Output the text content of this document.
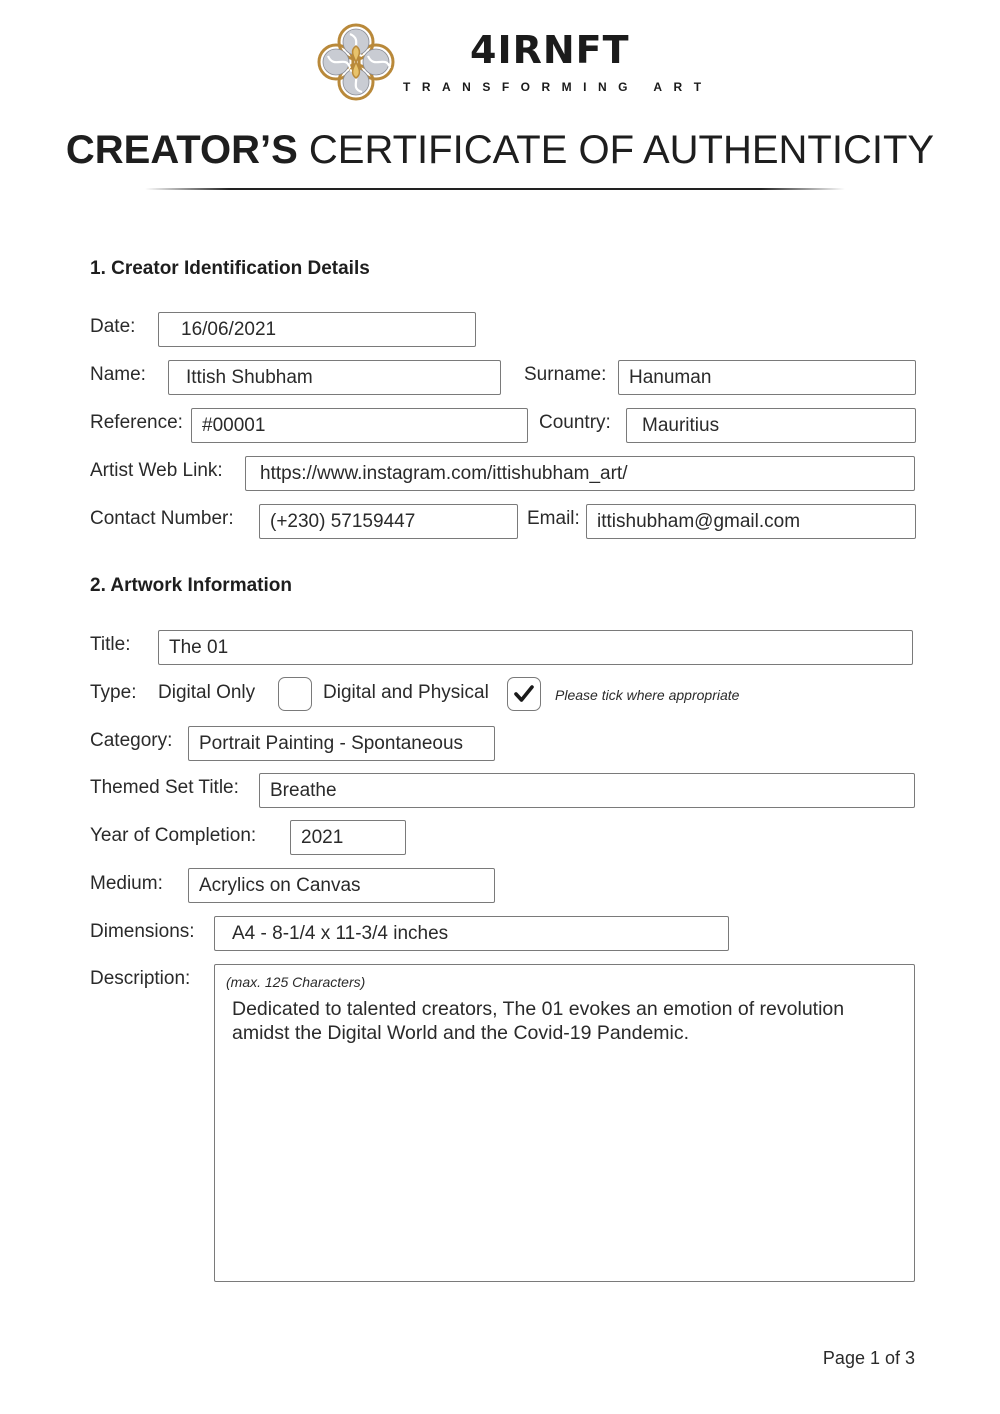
4IRNFT
TRANSFORMING ART
CREATOR’S CERTIFICATE OF AUTHENTICITY
1. Creator Identification Details
Date:	16/06/2021
Name:	Ittish Shubham	Surname:	Hanuman
Reference:	#00001	Country:	Mauritius
Artist Web Link:	https://www.instagram.com/ittishubham_art/
Contact Number:	(+230) 57159447	Email: ittishubham@gmail.com
2. Artwork Information
Title:	The 01
Type: Digital Only	Digital and Physical	Please tick where appropriate
Category:	Portrait Painting - Spontaneous
Themed Set Title:	Breathe
Year of Completion:	2021
Medium:	Acrylics on Canvas
Dimensions:	A4 - 8-1/4 x 11-3/4 inches
Description:	(max. 125 Characters)
Dedicated to talented creators, The 01 evokes an emotion of revolution amidst the Digital World and the Covid-19 Pandemic.
Page 1 of 3
